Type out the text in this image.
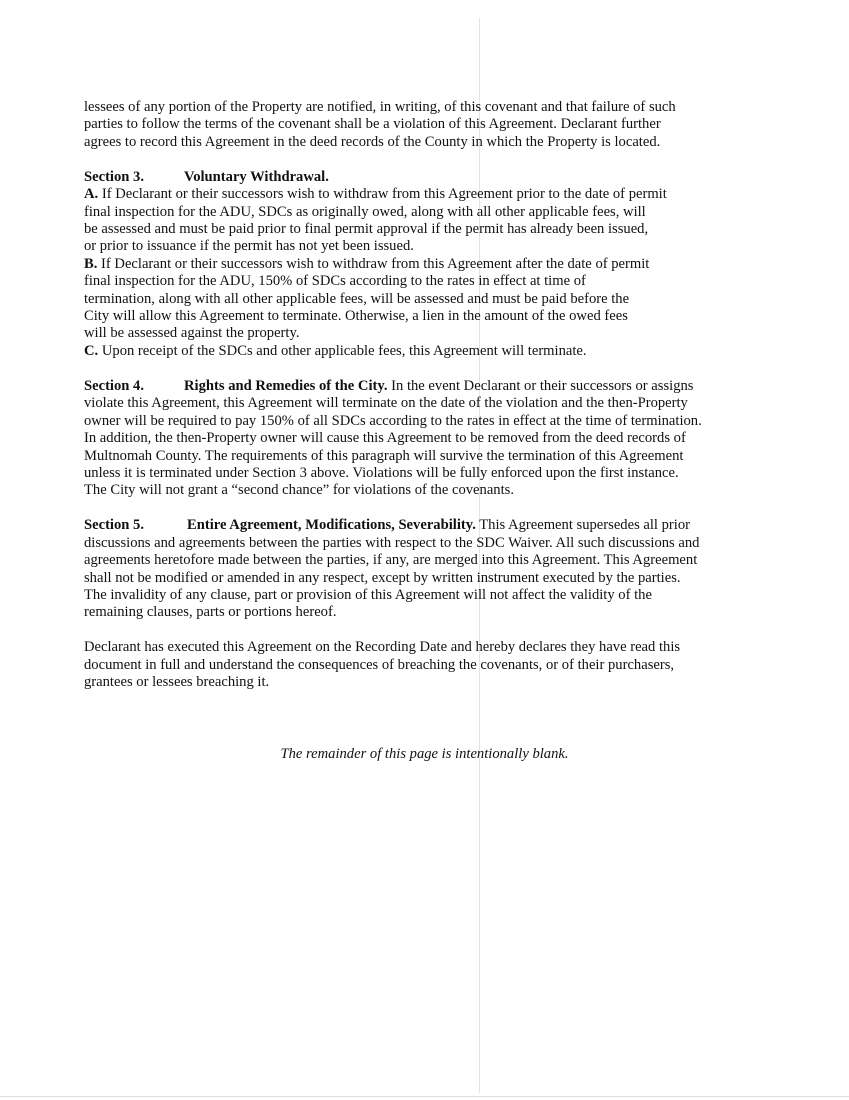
lessees of any portion of the Property are notified, in writing, of this covenant and that failure of such
parties to follow the terms of the covenant shall be a violation of this Agreement. Declarant further
agrees to record this Agreement in the deed records of the County in which the Property is located.
Section 3.	Voluntary Withdrawal.
A. If Declarant or their successors wish to withdraw from this Agreement prior to the date of permit
final inspection for the ADU, SDCs as originally owed, along with all other applicable fees, will
be assessed and must be paid prior to final permit approval if the permit has already been issued,
or prior to issuance if the permit has not yet been issued.
B. If Declarant or their successors wish to withdraw from this Agreement after the date of permit
final inspection for the ADU, 150% of SDCs according to the rates in effect at time of
termination, along with all other applicable fees, will be assessed and must be paid before the
City will allow this Agreement to terminate. Otherwise, a lien in the amount of the owed fees
will be assessed against the property.
C. Upon receipt of the SDCs and other applicable fees, this Agreement will terminate.
Section 4.	Rights and Remedies of the City. In the event Declarant or their successors or assigns
violate this Agreement, this Agreement will terminate on the date of the violation and the then-Property
owner will be required to pay 150% of all SDCs according to the rates in effect at the time of termination.
In addition, the then-Property owner will cause this Agreement to be removed from the deed records of
Multnomah County. The requirements of this paragraph will survive the termination of this Agreement
unless it is terminated under Section 3 above. Violations will be fully enforced upon the first instance.
The City will not grant a “second chance” for violations of the covenants.
Section 5.	Entire Agreement, Modifications, Severability. This Agreement supersedes all prior
discussions and agreements between the parties with respect to the SDC Waiver. All such discussions and
agreements heretofore made between the parties, if any, are merged into this Agreement. This Agreement
shall not be modified or amended in any respect, except by written instrument executed by the parties.
The invalidity of any clause, part or provision of this Agreement will not affect the validity of the
remaining clauses, parts or portions hereof.
Declarant has executed this Agreement on the Recording Date and hereby declares they have read this
document in full and understand the consequences of breaching the covenants, or of their purchasers,
grantees or lessees breaching it.
The remainder of this page is intentionally blank.
